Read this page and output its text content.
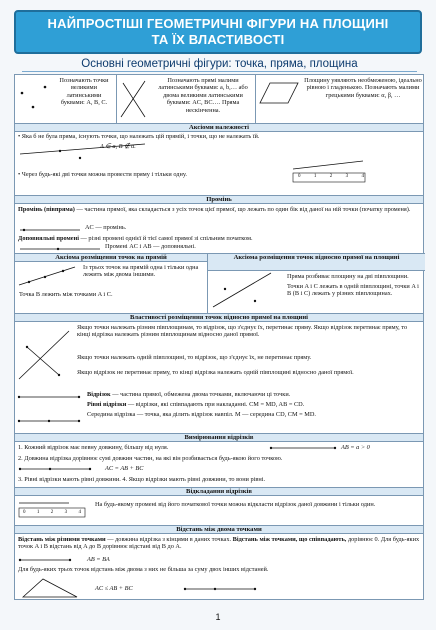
НАЙПРОСТІШІ ГЕОМЕТРИЧНІ ФІГУРИ НА ПЛОЩИНІ
ТА ЇХ ВЛАСТИВОСТІ
Основні геометричні фігури: точка, пряма, площина
Позначають точки великими латинськими буквами: A, B, C.
Позначають прямі малими латинськими буквами: a, b,… або двома великими латинськими буквами: AC, BC…. Пряма нескінченна.
Площину уявляють необмеженою, ідеально рівною і гладенькою. Позначають малими грецькими буквами: α, β, …
Аксіоми належності
• Яка б не була пряма, існують точки, що належать цій прямій, і точки, що не належать їй.
A ∈ a, B ∉ a.
• Через будь-які дві точки можна провести пряму і тільки одну.	0	1	2	3	4
Промінь
Промінь (півпряма) — частина прямої, яка складається з усіх точок цієї прямої, що лежать по один бік від даної на ній точки (початку променя).
AC — промінь.
Доповняльні промені — різні промені однієї й тієї самої прямої зі спільним початком.
Промені AC і AB — доповняльні.
Аксіома розміщення точок на прямій	Аксіома розміщення точок відносно прямої на площині
Із трьох точок на прямій одна і тільки одна лежить між двома іншими.
Точка B лежить між точками A і C.
Пряма розбиває площину на дві півплощини.
Точки A і C лежать в одній півплощині, точки A і B (B і C) лежать у різних півплощинах.
Властивості розміщення точок відносно прямої на площині
Якщо точки належать різним півплощинам, то відрізок, що з'єднує їх, перетинає пряму. Якщо відрізок перетинає пряму, то кінці відрізка належать різним півплощинам відносно даної прямої.
Якщо точки належать одній півплощині, то відрізок, що з'єднує їх, не перетинає пряму.
Якщо відрізок не перетинає пряму, то кінці відрізка належать одній півплощині відносно даної прямої.
Відрізок — частина прямої, обмежена двома точками, включаючи ці точки.
Рівні відрізки — відрізки, які співпадають при накладанні. CM = MD, AB = CD.
Середина відрізка — точка, яка ділить відрізок навпіл. M — середина CD, CM = MD.
Вимірювання відрізків
1. Кожний відрізок має певну довжину, більшу від нуля.	AB = a > 0
2. Довжина відрізка дорівнює сумі довжин частин, на які він розбивається будь-якою його точкою.
AC = AB + BC
3. Рівні відрізки мають рівні довжини. 4. Якщо відрізки мають рівні довжини, то вони рівні.
Відкладання відрізків
0 1 2 3 4
На будь-якому промені від його початкової точки можна відкласти відрізок даної довжини і тільки один.
Відстань між двома точками
Відстань між різними точками — довжина відрізка з кінцями в даних точках. Відстань між точками, що співпадають, дорівнює 0. Для будь-яких точок A і B відстань від A до B дорівнює відстані від B до A.
AB = BA
Для будь-яких трьох точок відстань між двома з них не більша за суму двох інших відстаней.
AC ≤ AB + BC
1
